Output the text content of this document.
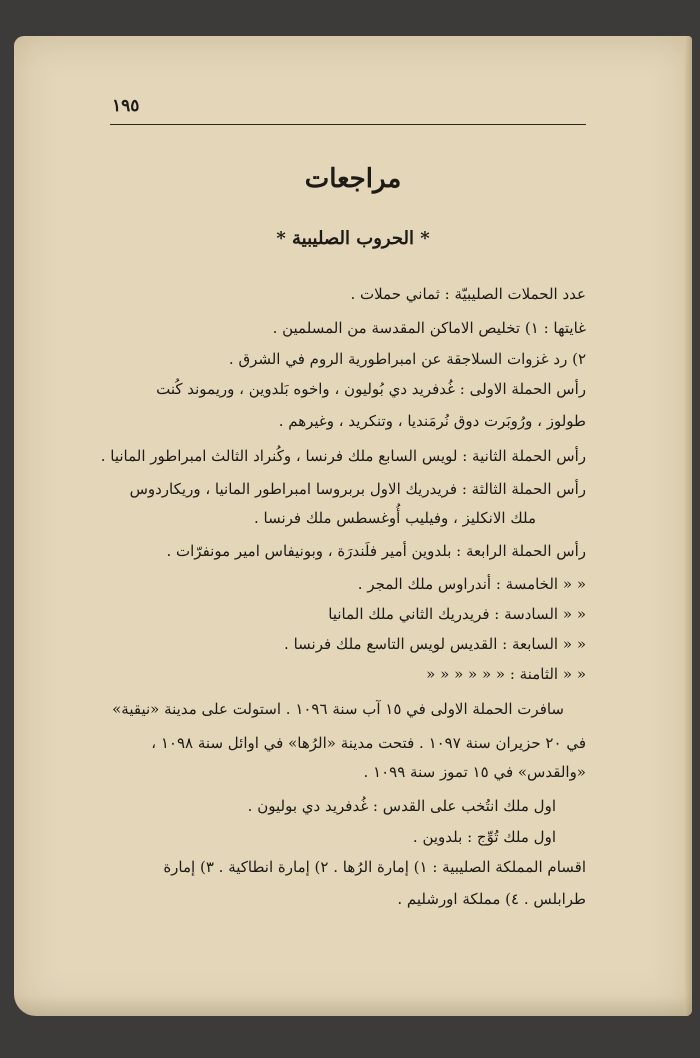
١٩٥
مراجعات
* الحروب الصليبية *
عدد الحملات الصليبيّة : ثماني حملات .
غايتها : ١) تخليص الاماكن المقدسة من المسلمين .
٢) رد غزوات السلاجقة عن امبراطورية الروم في الشرق .
رأس الحملة الاولى : غُدفريد دي بُوليون ، واخوه بَلدوين ، وريموند كُنت
طولوز ، ورُوبَرت دوق نُرمَنديا ، وتنكريد ، وغيرهم .
رأس الحملة الثانية : لويس السابع ملك فرنسا ، وكُنراد الثالث امبراطور المانيا .
رأس الحملة الثالثة : فريدريك الاول بربروسا امبراطور المانيا ، وريكاردوس
ملك الانكليز ، وفيليب أُوغسطس ملك فرنسا .
رأس الحملة الرابعة : بلدوين أمير فلَندرَة ، وبونيفاس امير مونفرّات .
« « الخامسة : أندراوس ملك المجر .
« « السادسة : فريدريك الثاني ملك المانيا
« « السابعة : القديس لويس التاسع ملك فرنسا .
« « الثامنة : « « « « « «
سافرت الحملة الاولى في ١٥ آب سنة ١٠٩٦ . استولت على مدينة «نيقية»
في ٢٠ حزيران سنة ١٠٩٧ . فتحت مدينة «الرُها» في اوائل سنة ١٠٩٨ ،
«والقدس» في ١٥ تموز سنة ١٠٩٩ .
اول ملك انتُخب على القدس : غُدفريد دي بوليون .
اول ملك تُوِّج : بلدوين .
اقسام المملكة الصليبية : ١) إمارة الرُها . ٢) إمارة انطاكية . ٣) إمارة
طرابلس . ٤) مملكة اورشليم .
